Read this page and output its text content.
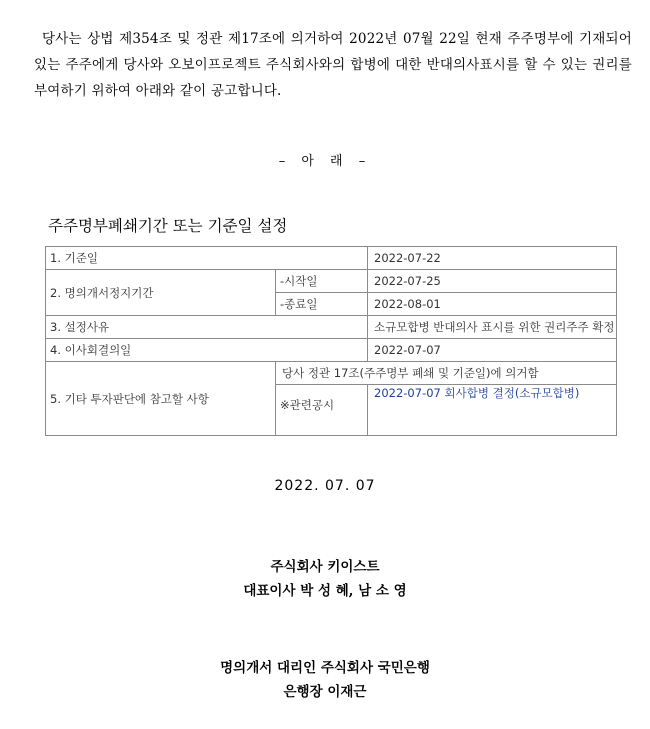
당사는 상법 제354조 및 정관 제17조에 의거하여 2022년 07월 22일 현재 주주명부에 기재되어 있는 주주에게 당사와 오보이프로젝트 주식회사와의 합병에 대한 반대의사표시를 할 수 있는 권리를 부여하기 위하여 아래와 같이 공고합니다.

– 아 래 –
주주명부폐쇄기간 또는 기준일 설정
1. 기준일		2022-07-22
2. 명의개서정지기간	-시작일	2022-07-25
	-종료일	2022-08-01
3. 설정사유		소규모합병 반대의사 표시를 위한 권리주주 확정
4. 이사회결의일		2022-07-07
5. 기타 투자판단에 참고할 사항	당사 정관 17조(주주명부 폐쇄 및 기준일)에 의거함	
	※관련공시	2022-07-07 회사합병 결정(소규모합병)
2022. 07. 07
주식회사 키이스트
대표이사 박 성 혜, 남 소 영
명의개서 대리인 주식회사 국민은행
은행장 이재근
